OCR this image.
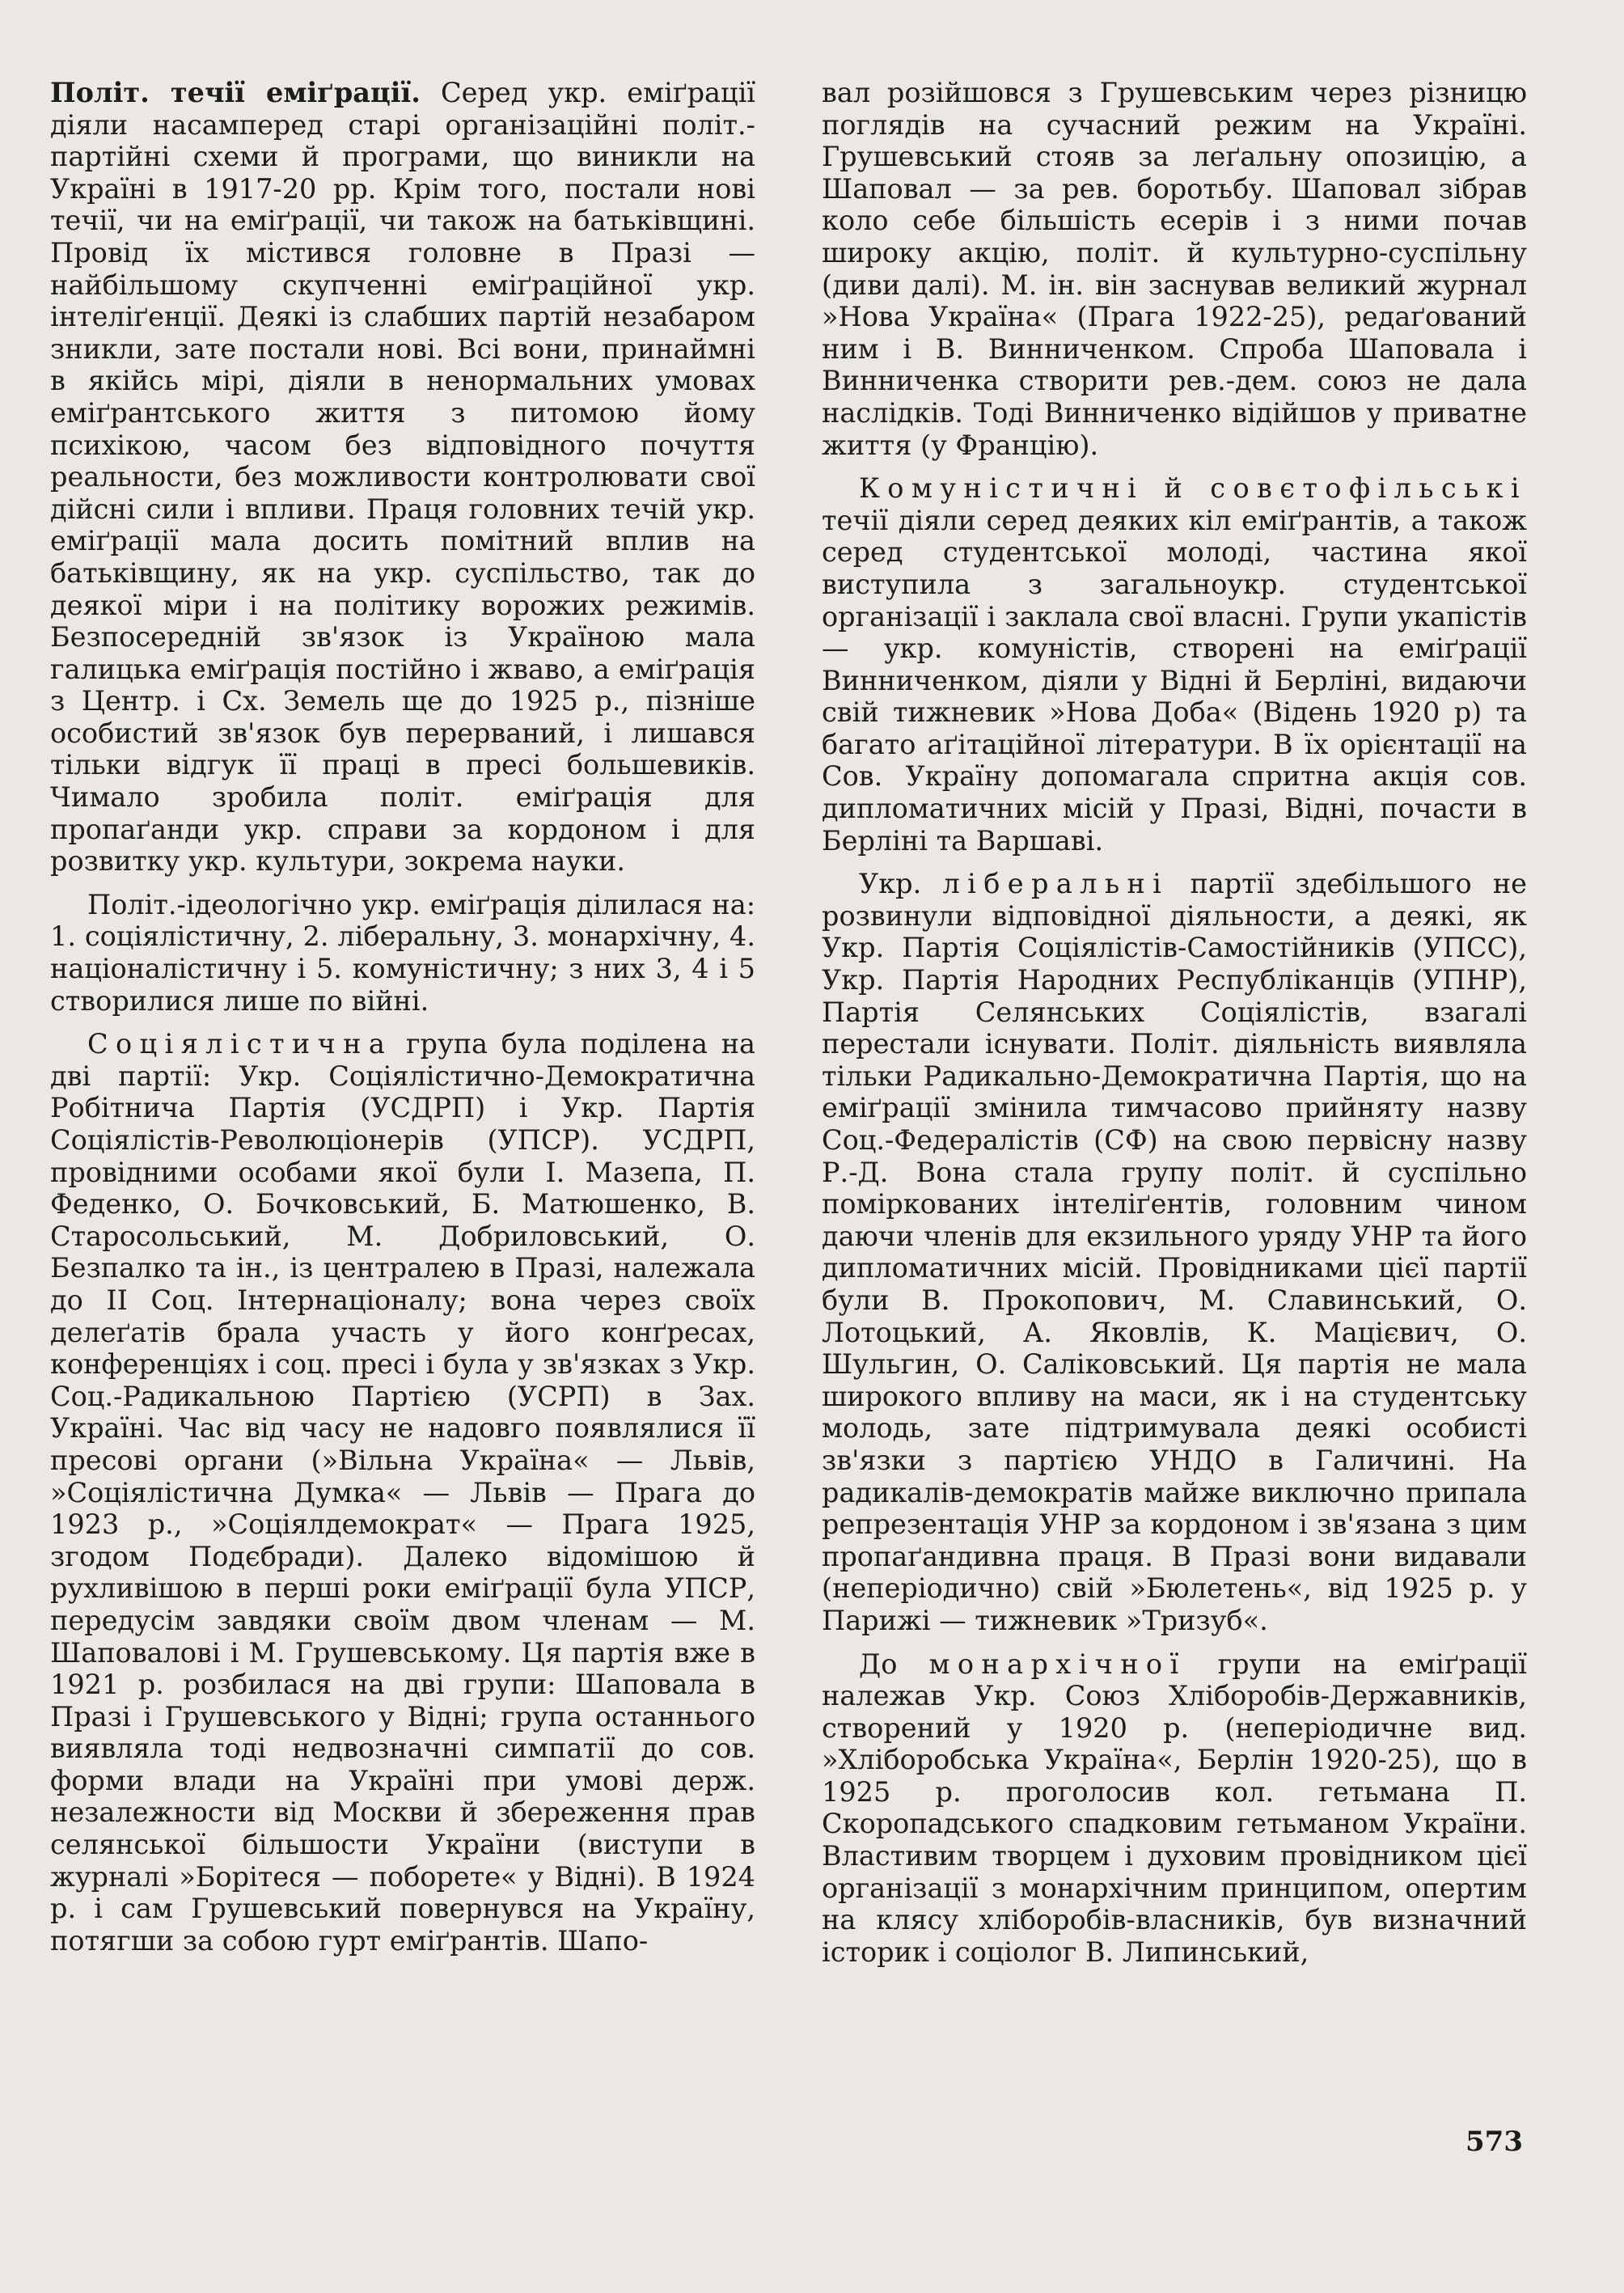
Політ. течії еміґрації. Серед укр. еміґрації діяли насамперед старі організаційні політ.-партійні схеми й програми, що виникли на Україні в 1917-20 рр. Крім того, постали нові течії, чи на еміґрації, чи також на батьківщині. Провід їх містився головне в Празі — найбільшому скупченні еміґраційної укр. інтеліґенції. Деякі із слабших партій незабаром зникли, зате постали нові. Всі вони, принаймні в якійсь мірі, діяли в ненормальних умовах еміґрантського життя з питомою йому психікою, часом без відповідного почуття реальности, без можливости контролювати свої дійсні сили і впливи. Праця головних течій укр. еміґрації мала досить помітний вплив на батьківщину, як на укр. суспільство, так до деякої міри і на політику ворожих режимів. Безпосередній зв'язок із Україною мала галицька еміґрація постійно і жваво, а еміґрація з Центр. і Сх. Земель ще до 1925 р., пізніше особистий зв'язок був перерваний, і лишався тільки відгук її праці в пресі большевиків. Чимало зробила політ. еміґрація для пропаґанди укр. справи за кордоном і для розвитку укр. культури, зокрема науки.

Політ.-ідеологічно укр. еміґрація ділилася на: 1. соціялістичну, 2. ліберальну, 3. монархічну, 4. націоналістичну і 5. комуністичну; з них 3, 4 і 5 створилися лише по війні.

Соціялістична група була поділена на дві партії: Укр. Соціялістично-Демократична Робітнича Партія (УСДРП) і Укр. Партія Соціялістів-Революціонерів (УПСР). УСДРП, провідними особами якої були І. Мазепа, П. Феденко, О. Бочковський, Б. Матюшенко, В. Старосольський, М. Добриловський, О. Безпалко та ін., із централею в Празі, належала до II Соц. Інтернаціоналу; вона через своїх делеґатів брала участь у його конґресах, конференціях і соц. пресі і була у зв'язках з Укр. Соц.-Радикальною Партією (УСРП) в Зах. Україні. Час від часу не надовго появлялися її пресові органи (»Вільна Україна« — Львів, »Соціялістична Думка« — Львів — Прага до 1923 р., »Соціялдемократ« — Прага 1925, згодом Подєбради). Далеко відомішою й рухливішою в перші роки еміґрації була УПСР, передусім завдяки своїм двом членам — М. Шаповалові і М. Грушевському. Ця партія вже в 1921 р. розбилася на дві групи: Шаповала в Празі і Грушевського у Відні; група останнього виявляла тоді недвозначні симпатії до сов. форми влади на Україні при умові держ. незалежности від Москви й збереження прав селянської більшости України (виступи в журналі »Борітеся — поборете« у Відні). В 1924 р. і сам Грушевський повернувся на Україну, потягши за собою гурт еміґрантів. Шапо-

вал розійшовся з Грушевським через різницю поглядів на сучасний режим на Україні. Грушевський стояв за леґальну опозицію, а Шаповал — за рев. боротьбу. Шаповал зібрав коло себе більшість есерів і з ними почав широку акцію, політ. й культурно-суспільну (диви далі). М. ін. він заснував великий журнал »Нова Україна« (Прага 1922-25), редаґований ним і В. Винниченком. Спроба Шаповала і Винниченка створити рев.-дем. союз не дала наслідків. Тоді Винниченко відійшов у приватне життя (у Францію).

Комуністичні й совєтофільські течії діяли серед деяких кіл еміґрантів, а також серед студентської молоді, частина якої виступила з загальноукр. студентської організації і заклала свої власні. Групи укапістів — укр. комуністів, створені на еміґрації Винниченком, діяли у Відні й Берліні, видаючи свій тижневик »Нова Доба« (Відень 1920 р) та багато аґітаційної літератури. В їх орієнтації на Сов. Україну допомагала спритна акція сов. дипломатичних місій у Празі, Відні, почасти в Берліні та Варшаві.

Укр. ліберальні партії здебільшого не розвинули відповідної діяльности, а деякі, як Укр. Партія Соціялістів-Самостійників (УПСС), Укр. Партія Народних Республіканців (УПНР), Партія Селянських Соціялістів, взагалі перестали існувати. Політ. діяльність виявляла тільки Радикально-Демократична Партія, що на еміґрації змінила тимчасово прийняту назву Соц.-Федералістів (СФ) на свою первісну назву Р.-Д. Вона стала групу політ. й суспільно поміркованих інтеліґентів, головним чином даючи членів для екзильного уряду УНР та його дипломатичних місій. Провідниками цієї партії були В. Прокопович, М. Славинський, О. Лотоцький, А. Яковлів, К. Мацієвич, О. Шульгин, О. Саліковський. Ця партія не мала широкого впливу на маси, як і на студентську молодь, зате підтримувала деякі особисті зв'язки з партією УНДО в Галичині. На радикалів-демократів майже виключно припала репрезентація УНР за кордоном і зв'язана з цим пропаґандивна праця. В Празі вони видавали (неперіодично) свій »Бюлетень«, від 1925 р. у Парижі — тижневик »Тризуб«.

До монархічної групи на еміґрації належав Укр. Союз Хліборобів-Державників, створений у 1920 р. (неперіодичне вид. »Хліборобська Україна«, Берлін 1920-25), що в 1925 р. проголосив кол. гетьмана П. Скоропадського спадковим гетьманом України. Властивим творцем і духовим провідником цієї організації з монархічним принципом, опертим на клясу хліборобів-власників, був визначний історик і соціолог В. Липинський,

573
